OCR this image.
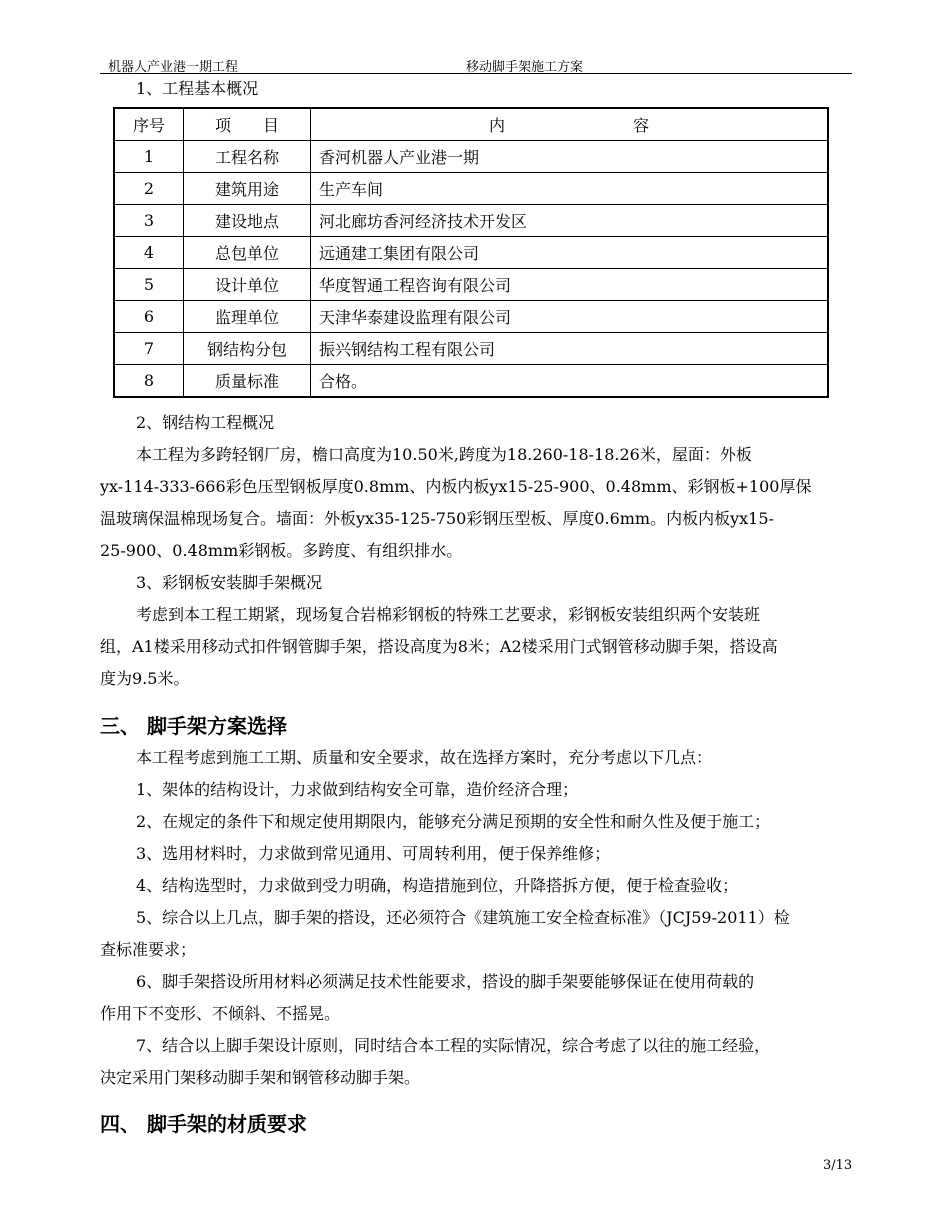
机器人产业港一期工程	移动脚手架施工方案
1、工程基本概况
序号	项　　目	内　　　　　　　　容
1	工程名称	香河机器人产业港一期
2	建筑用途	生产车间
3	建设地点	河北廊坊香河经济技术开发区
4	总包单位	远通建工集团有限公司
5	设计单位	华度智通工程咨询有限公司
6	监理单位	天津华泰建设监理有限公司
7	钢结构分包	振兴钢结构工程有限公司
8	质量标准	合格。
2、钢结构工程概况
本工程为多跨轻钢厂房，檐口高度为10.50米,跨度为18.260-18-18.26米，屋面：外板
yx-114-333-666彩色压型钢板厚度0.8mm、内板内板yx15-25-900、0.48mm、彩钢板+100厚保
温玻璃保温棉现场复合。墙面：外板yx35-125-750彩钢压型板、厚度0.6mm。内板内板yx15-
25-900、0.48mm彩钢板。多跨度、有组织排水。
3、彩钢板安装脚手架概况
考虑到本工程工期紧，现场复合岩棉彩钢板的特殊工艺要求，彩钢板安装组织两个安装班
组，A1楼采用移动式扣件钢管脚手架，搭设高度为8米；A2楼采用门式钢管移动脚手架，搭设高
度为9.5米。
三、 脚手架方案选择
本工程考虑到施工工期、质量和安全要求，故在选择方案时，充分考虑以下几点：
1、架体的结构设计，力求做到结构安全可靠，造价经济合理；
2、在规定的条件下和规定使用期限内，能够充分满足预期的安全性和耐久性及便于施工；
3、选用材料时，力求做到常见通用、可周转利用，便于保养维修；
4、结构选型时，力求做到受力明确，构造措施到位，升降搭拆方便，便于检查验收；
5、综合以上几点，脚手架的搭设，还必须符合《建筑施工安全检查标准》（JCJ59-2011）检
查标准要求；
6、脚手架搭设所用材料必须满足技术性能要求，搭设的脚手架要能够保证在使用荷载的
作用下不变形、不倾斜、不摇晃。
7、结合以上脚手架设计原则，同时结合本工程的实际情况，综合考虑了以往的施工经验，
决定采用门架移动脚手架和钢管移动脚手架。
四、 脚手架的材质要求
3/13
